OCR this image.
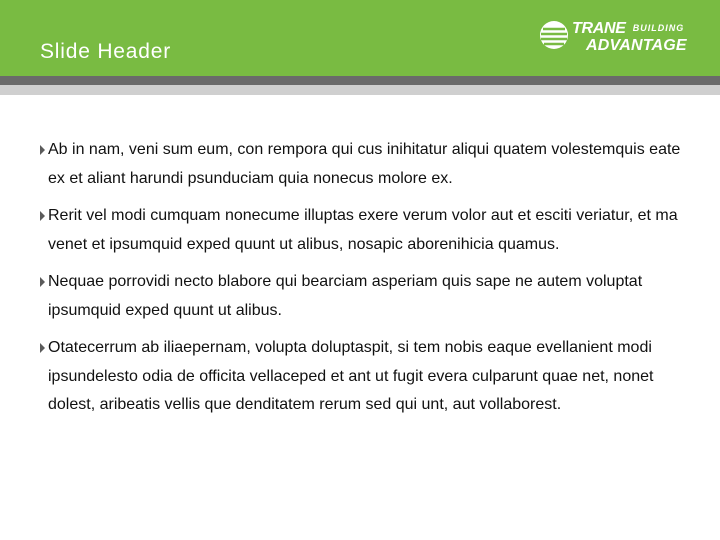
Slide Header
TRANE BUILDING
ADVANTAGE
Ab in nam, veni sum eum, con rempora qui cus inihitatur aliqui quatem volestemquis eate ex et aliant harundi psunduciam quia nonecus molore ex.
Rerit vel modi cumquam nonecume illuptas exere verum volor aut et esciti veriatur, et ma venet et ipsumquid exped quunt ut alibus, nosapic aborenihicia quamus.
Nequae porrovidi necto blabore qui bearciam asperiam quis sape ne autem voluptat ipsumquid exped quunt ut alibus.
Otatecerrum ab iliaepernam, volupta doluptaspit, si tem nobis eaque evellanient modi ipsundelesto odia de officita vellaceped et ant ut fugit evera culparunt quae net, nonet dolest, aribeatis vellis que denditatem rerum sed qui unt, aut vollaborest.
